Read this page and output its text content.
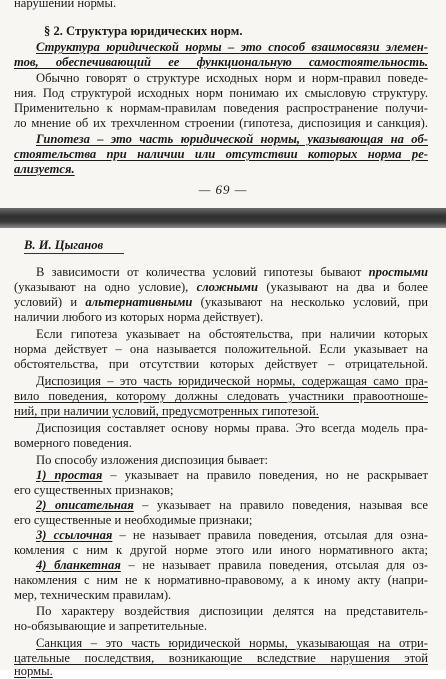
нарушении нормы.
§ 2. Структура юридических норм.
Структура юридической нормы – это способ взаимосвязи элемен-
тов, обеспечивающий ее функциональную самостоятельность.
Обычно говорят о структуре исходных норм и норм-правил поведе-
ния. Под структурой исходных норм понимаю их смысловую структуру.
Применительно к нормам-правилам поведения распространение получи-
ло мнение об их трехчленном строении (гипотеза, диспозиция и санкция).
Гипотеза – это часть юридической нормы, указывающая на об-
стоятельства при наличии или отсутствии которых норма ре-
ализуется.
— 69 —
В. И. Цыганов
В зависимости от количества условий гипотезы бывают простыми
(указывают на одно условие), сложными (указывают на два и более
условий) и альтернативными (указывают на несколько условий, при
наличии любого из которых норма действует).
Если гипотеза указывает на обстоятельства, при наличии которых
норма действует – она называется положительной. Если указывает на
обстоятельства, при отсутствии которых действует – отрицательной.
Диспозиция – это часть юридической нормы, содержащая само пра-
вило поведения, которому должны следовать участники правоотноше-
ний, при наличии условий, предусмотренных гипотезой.
Диспозиция составляет основу нормы права. Это всегда модель пра-
вомерного поведения.
По способу изложения диспозиция бывает:
1) простая – указывает на правило поведения, но не раскрывает
его существенных признаков;
2) описательная – указывает на правило поведения, называя все
его существенные и необходимые признаки;
3) ссылочная – не называет правила поведения, отсылая для озна-
комления с ним к другой норме этого или иного нормативного акта;
4) бланкетная – не называет правила поведения, отсылая для оз-
накомления с ним не к нормативно-правовому, а к иному акту (напри-
мер, техническим правилам).
По характеру воздействия диспозиции делятся на представитель-
но-обязывающие и запретительные.
Санкция – это часть юридической нормы, указывающая на отри-
цательные последствия, возникающие вследствие нарушения этой
нормы.
